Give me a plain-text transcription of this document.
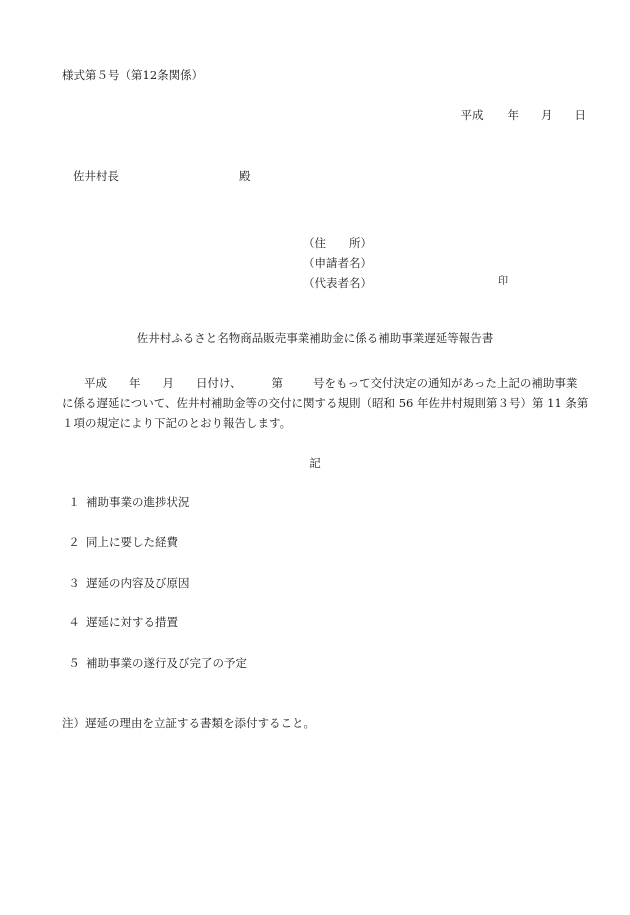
様式第５号（第12条関係）
平成 年 月 日
佐井村長	殿
（住　　所）
（申請者名）
（代表者名）	印
佐井村ふるさと名物商品販売事業補助金に係る補助事業遅延等報告書
平成 年 月 日付け、	第	号をもって交付決定の通知があった上記の補助事業
に係る遅延について、佐井村補助金等の交付に関する規則（昭和 56 年佐井村規則第３号）第 11 条第
１項の規定により下記のとおり報告します。
記
１ 補助事業の進捗状況
２ 同上に要した経費
３ 遅延の内容及び原因
４ 遅延に対する措置
５ 補助事業の遂行及び完了の予定
注）遅延の理由を立証する書類を添付すること。
